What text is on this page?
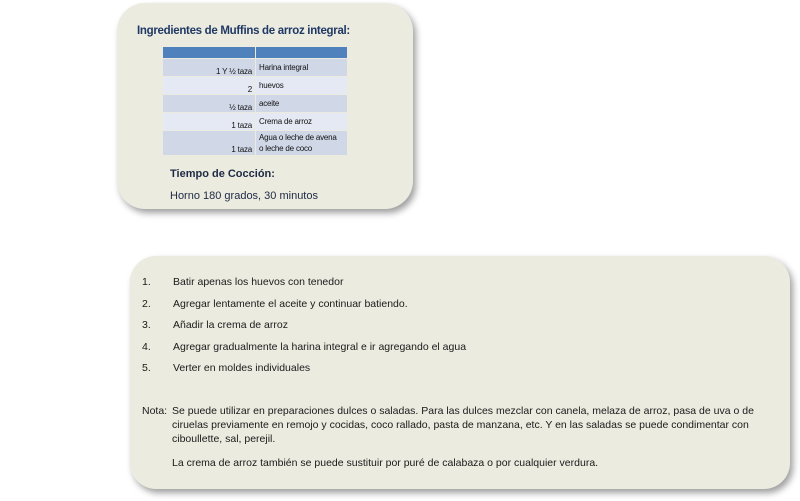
Ingredientes de Muffins de arroz integral:

1 Y ½ taza	Harina integral
2	huevos
½ taza	aceite
1 taza	Crema de arroz
1 taza	Agua o leche de avena
o leche de coco
Tiempo de Cocción:
Horno 180 grados, 30 minutos
1.	Batir apenas los huevos con tenedor
2.	Agregar lentamente el aceite y continuar batiendo.
3.	Añadir la crema de arroz
4.	Agregar gradualmente la harina integral e ir agregando el agua
5.	Verter en moldes individuales
Nota: Se puede utilizar en preparaciones dulces o saladas. Para las dulces mezclar con canela, melaza de arroz, pasa de uva o de ciruelas previamente en remojo y cocidas, coco rallado, pasta de manzana, etc. Y en las saladas se puede condimentar con ciboullette, sal, perejil.
La crema de arroz también se puede sustituir por puré de calabaza o por cualquier verdura.
